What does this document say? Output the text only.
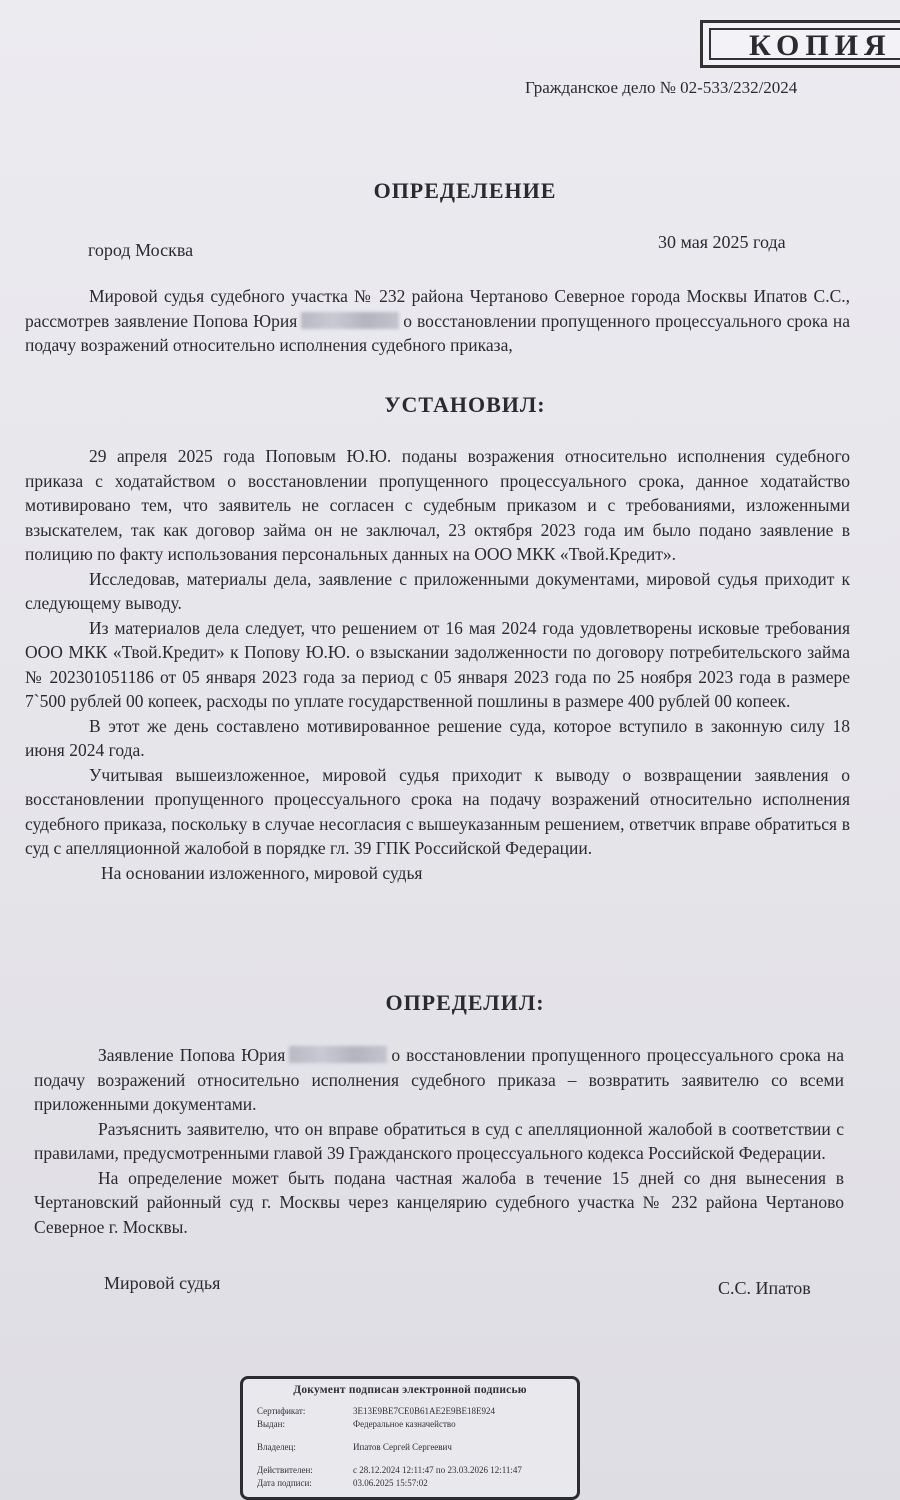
КОПИЯ
Гражданское дело № 02-533/232/2024
ОПРЕДЕЛЕНИЕ
город Москва	30 мая 2025 года

Мировой судья судебного участка № 232 района Чертаново Северное города Москвы Ипатов С.С., рассмотрев заявление Попова Юрия	о восстановлении пропущенного процессуального срока на подачу возражений относительно исполнения судебного приказа,

УСТАНОВИЛ:

29 апреля 2025 года Поповым Ю.Ю. поданы возражения относительно исполнения судебного приказа с ходатайством о восстановлении пропущенного процессуального срока, данное ходатайство мотивировано тем, что заявитель не согласен с судебным приказом и с требованиями, изложенными взыскателем, так как договор займа он не заключал, 23 октября 2023 года им было подано заявление в полицию по факту использования персональных данных на ООО МКК «Твой.Кредит».

Исследовав, материалы дела, заявление с приложенными документами, мировой судья приходит к следующему выводу.

Из материалов дела следует, что решением от 16 мая 2024 года удовлетворены исковые требования ООО МКК «Твой.Кредит» к Попову Ю.Ю. о взыскании задолженности по договору потребительского займа № 202301051186 от 05 января 2023 года за период с 05 января 2023 года по 25 ноября 2023 года в размере 7`500 рублей 00 копеек, расходы по уплате государственной пошлины в размере 400 рублей 00 копеек.

В этот же день составлено мотивированное решение суда, которое вступило в законную силу 18 июня 2024 года.

Учитывая вышеизложенное, мировой судья приходит к выводу о возвращении заявления о восстановлении пропущенного процессуального срока на подачу возражений относительно исполнения судебного приказа, поскольку в случае несогласия с вышеуказанным решением, ответчик вправе обратиться в суд с апелляционной жалобой в порядке гл. 39 ГПК Российской Федерации.

На основании изложенного, мировой судья

ОПРЕДЕЛИЛ:

Заявление Попова Юрия	о восстановлении пропущенного процессуального срока на подачу возражений относительно исполнения судебного приказа – возвратить заявителю со всеми приложенными документами.

Разъяснить заявителю, что он вправе обратиться в суд с апелляционной жалобой в соответствии с правилами, предусмотренными главой 39 Гражданского процессуального кодекса Российской Федерации.

На определение может быть подана частная жалоба в течение 15 дней со дня вынесения в Чертановский районный суд г. Москвы через канцелярию судебного участка № 232 района Чертаново Северное г. Москвы.

Мировой судья	С.С. Ипатов
Документ подписан электронной подписью
Сертификат:	3Е13Е9ВЕ7СЕ0В61АЕ2Е9ВЕ18Е924
Выдан:	Федеральное казначейство
Владелец:	Ипатов Сергей Сергеевич
Действителен:	с 28.12.2024 12:11:47 по 23.03.2026 12:11:47
Дата подписи:	03.06.2025 15:57:02
